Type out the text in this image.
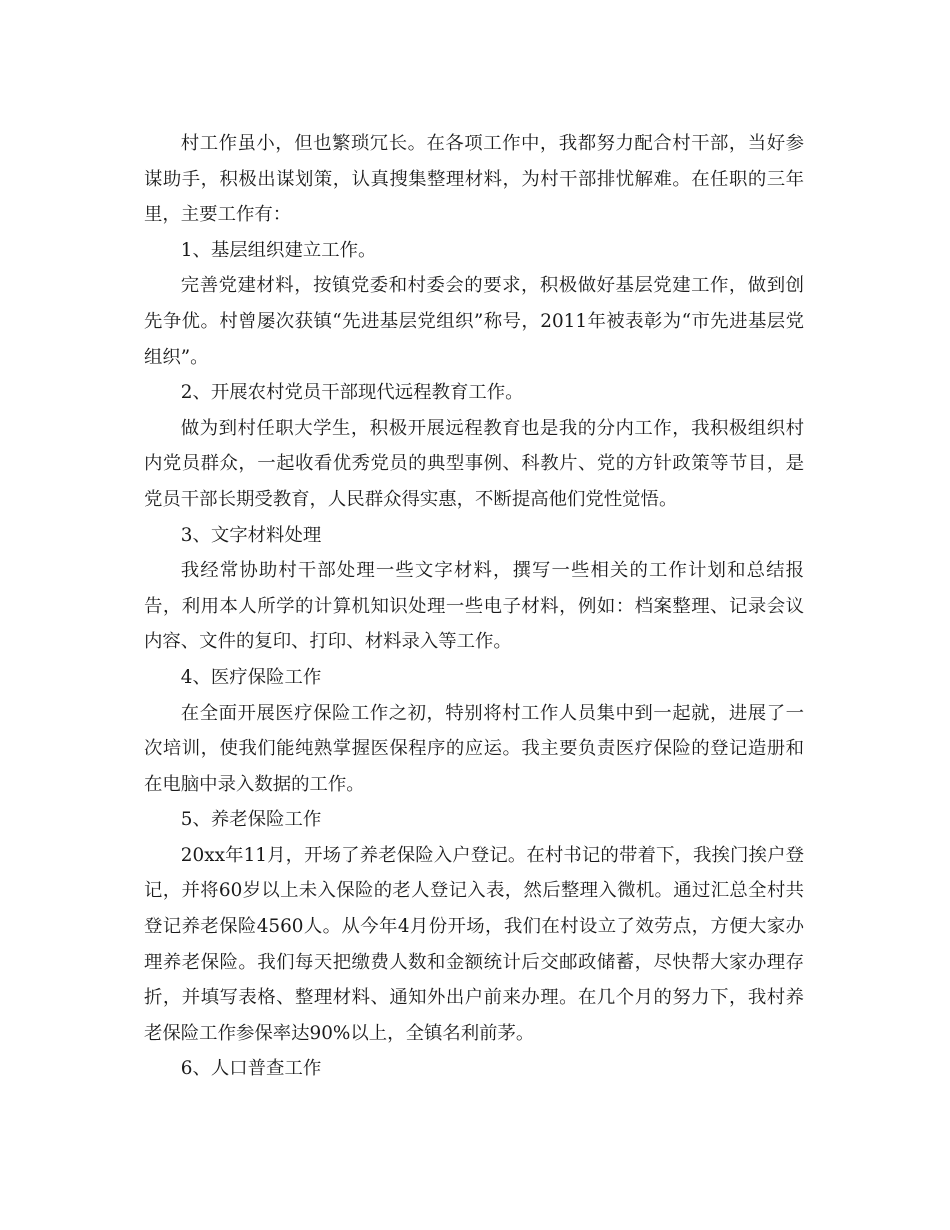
村工作虽小，但也繁琐冗长。在各项工作中，我都努力配合村干部，当好参谋助手，积极出谋划策，认真搜集整理材料，为村干部排忧解难。在任职的三年里，主要工作有：

1、基层组织建立工作。

完善党建材料，按镇党委和村委会的要求，积极做好基层党建工作，做到创先争优。村曾屡次获镇“先进基层党组织”称号，2011年被表彰为“市先进基层党组织”。

2、开展农村党员干部现代远程教育工作。

做为到村任职大学生，积极开展远程教育也是我的分内工作，我积极组织村内党员群众，一起收看优秀党员的典型事例、科教片、党的方针政策等节目，是党员干部长期受教育，人民群众得实惠，不断提高他们党性觉悟。

3、文字材料处理

我经常协助村干部处理一些文字材料，撰写一些相关的工作计划和总结报告，利用本人所学的计算机知识处理一些电子材料，例如：档案整理、记录会议内容、文件的复印、打印、材料录入等工作。

4、医疗保险工作

在全面开展医疗保险工作之初，特别将村工作人员集中到一起就，进展了一次培训，使我们能纯熟掌握医保程序的应运。我主要负责医疗保险的登记造册和在电脑中录入数据的工作。

5、养老保险工作

20xx年11月，开场了养老保险入户登记。在村书记的带着下，我挨门挨户登记，并将60岁以上未入保险的老人登记入表，然后整理入微机。通过汇总全村共登记养老保险4560人。从今年4月份开场，我们在村设立了效劳点，方便大家办理养老保险。我们每天把缴费人数和金额统计后交邮政储蓄，尽快帮大家办理存折，并填写表格、整理材料、通知外出户前来办理。在几个月的努力下，我村养老保险工作参保率达90%以上，全镇名利前茅。

6、人口普查工作
